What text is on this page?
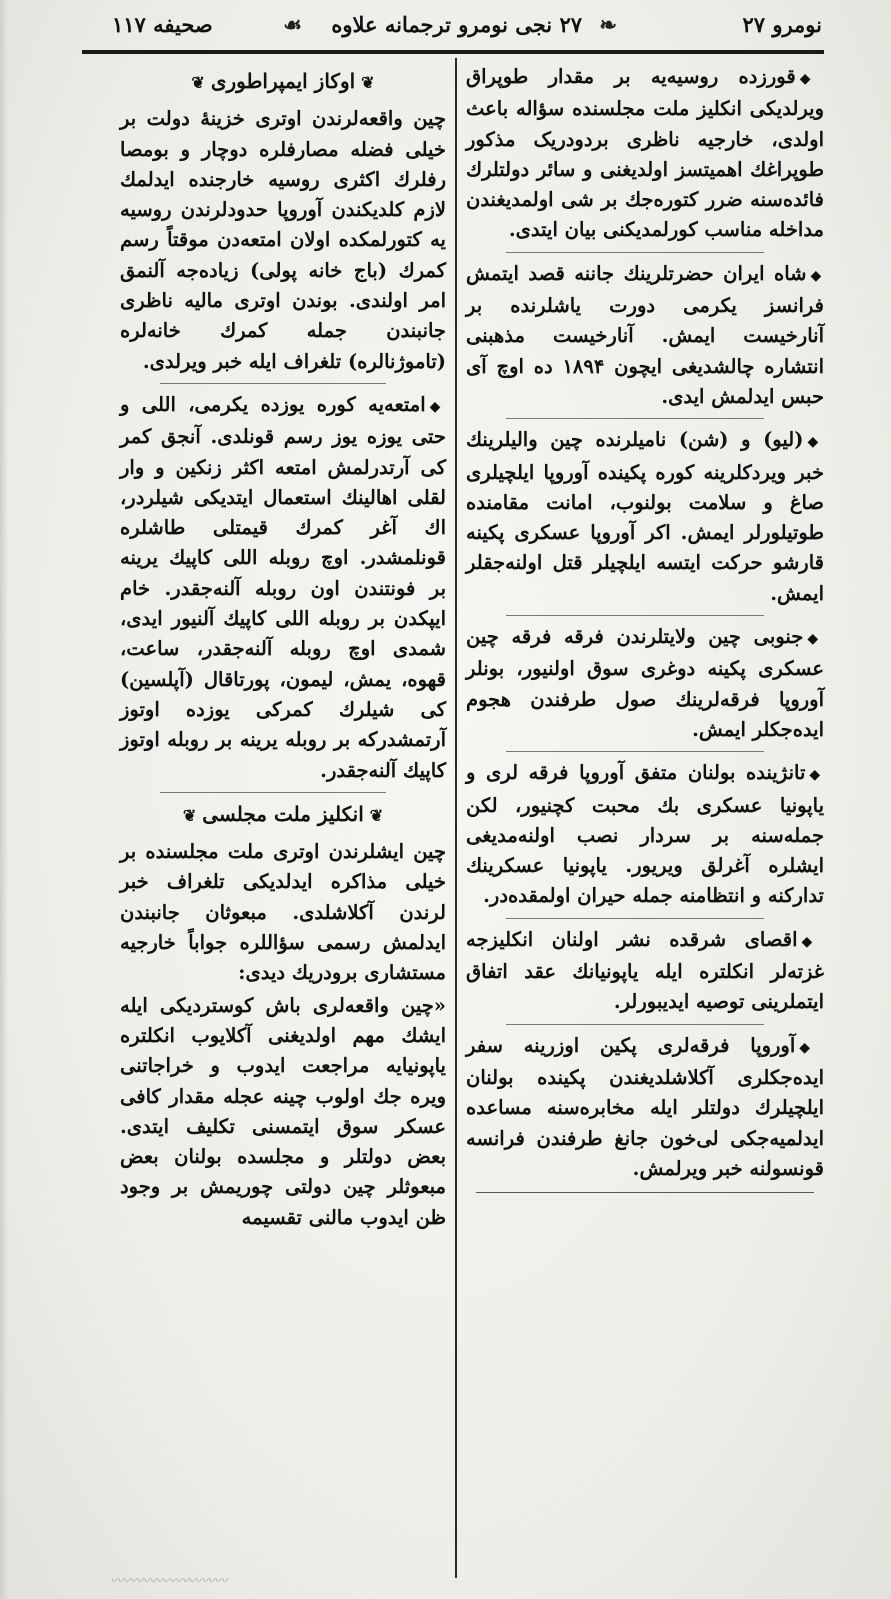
نومرو ۲۷
❧
۲۷ نجی نومرو ترجمانه علاوه
☙
صحیفه ۱۱۷

◆قورزده روسیه‌یه بر مقدار طوپراق ویرلدیکی انکلیز ملت مجلسنده سؤاله باعث اولدی، خارجیه ناظری بردودریک مذکور طوپراغك اهمیتسز اولدیغنی و سائر دولتلرك فائده‌سنه ضرر کتوره‌جك بر شی اولمدیغندن مداخله مناسب کورلمدیکنی بیان ایتدی.

◆شاه ایران حضرتلرینك جاننه قصد ایتمش فرانسز یکرمی دورت یاشلرنده بر آنارخیست ایمش. آنارخیست مذهبنی انتشاره چالشدیغی ایچون ۱۸۹۴ ده اوچ آی حبس ایدلمش ایدی.

◆(لیو) و (شن) نامیلرنده چین والیلرینك خبر ویردکلرینه کوره پکینده آوروپا ایلچیلری صاغ و سلامت بولنوب، امانت مقامنده طوتیلورلر ایمش. اکر آوروپا عسکری پکینه قارشو حرکت ایتسه ایلچیلر قتل اولنه‌جقلر ایمش.

◆جنوبی چین ولایتلرندن فرقه فرقه چین عسکری پکینه دوغری سوق اولنیور، بونلر آوروپا فرقه‌لرینك صول طرفندن هجوم ایده‌جکلر ایمش.

◆تانژینده بولنان متفق آوروپا فرقه لری و یاپونیا عسکری بك محبت کچنیور، لکن جمله‌سنه بر سردار نصب اولنه‌مدیغی ایشلره آغرلق ویریور. یاپونیا عسکرینك تدارکنه و انتظامنه جمله حیران اولمقده‌در.

◆اقصای شرقده نشر اولنان انکلیزجه غزته‌لر انکلتره ایله یاپونیانك عقد اتفاق ایتملرینی توصیه ایدیبورلر.

◆آوروپا فرقه‌لری پکین اوزرینه سفر ایده‌جکلری آکلاشلدیغندن پکینده بولنان ایلچیلرك دولتلر ایله مخابره‌سنه مساعده ایدلمیه‌جکی لی‌خون جانغ طرفندن فرانسه قونسولنه خبر ویرلمش.

❦اوکاز ایمپراطوری❦

چین واقعه‌لرندن اوتری خزینهٔ دولت بر خیلی فضله مصارفلره دوچار و بومصا رفلرك اکثری روسیه خارجنده ایدلمك لازم کلدیکندن آوروپا حدودلرندن روسیه یه کتورلمکده اولان امتعه‌دن موقتاً رسم کمرك (باج خانه پولی) زیاده‌جه آلنمق امر اولندی. بوندن اوتری مالیه ناظری جانبندن جمله کمرك خانه‌لره (تاموژنالره) تلغراف ایله خبر ویرلدی.

◆امتعه‌یه کوره یوزده یکرمی، اللی و حتی یوزه یوز رسم قونلدی. آنجق کمر کی آرتدرلمش امتعه اکثر زنکین و وار لقلی اهالینك استعمال ایتدیکی شیلردر، اك آغر کمرك قیمتلی طاشلره قونلمشدر. اوچ روبله اللی کاپیك یرینه بر فونتندن اون روبله آلنه‌جقدر. خام ایپکدن بر روبله اللی کاپیك آلنیور ایدی، شمدی اوچ روبله آلنه‌جقدر، ساعت، قهوه، یمش، لیمون، پورتاقال (آپلسین) کی شیلرك کمرکی یوزده اوتوز آرتمشدرکه بر روبله یرینه بر روبله اوتوز کاپیك آلنه‌جقدر.

❦انکلیز ملت مجلسی❦

چین ایشلرندن اوتری ملت مجلسنده بر خیلی مذاکره ایدلدیکی تلغراف خبر لرندن آکلاشلدی. مبعوثان جانبندن ایدلمش رسمی سؤاللره جواباً خارجیه مستشاری برودریك دیدی:

«چین واقعه‌لری باش کوستردیکی ایله ایشك مهم اولدیغنی آکلایوب انکلتره یاپونیایه مراجعت ایدوب و خراجاتنی ویره‌ جك اولوب چینه عجله مقدار کافی عسکر سوق ایتمسنی تکلیف ایتدی. بعض دولتلر و مجلسده بولنان بعض مبعوثلر چین دولتی چوریمش بر وجود ظن ایدوب مالنی تقسیمه

〰〰〰〰〰〰〰〰〰
